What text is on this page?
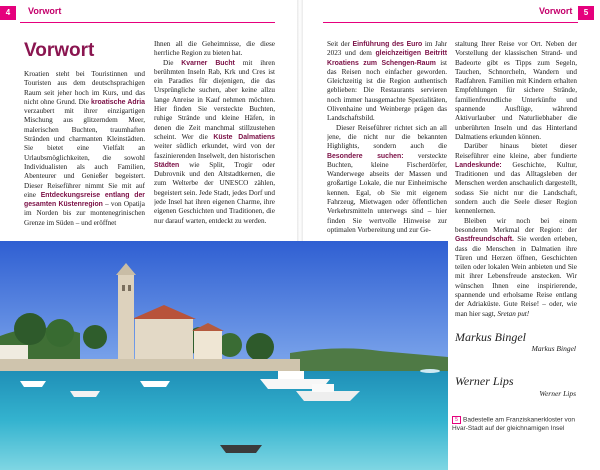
4	Vorwort
Vorwort

Kroatien steht bei Touristinnen und Touristen aus dem deutschsprachigen Raum seit jeher hoch im Kurs, und das nicht ohne Grund. Die kroatische Adria verzaubert mit ihrer einzigartigen Mischung aus glitzerndem Meer, malerischen Buchten, traumhaften Stränden und charmanten Kleinstädten. Sie bietet eine Vielfalt an Urlaubsmöglichkeiten, die sowohl Individualisten als auch Familien, Abenteurer und Genießer begeistert. Dieser Reiseführer nimmt Sie mit auf eine Entdeckungsreise entlang der gesamten Küstenregion – von Opatija im Norden bis zur montenegrinischen Grenze im Süden – und eröffnet

Ihnen all die Geheimnisse, die diese herrliche Region zu bieten hat.

Die Kvarner Bucht mit ihren berühmten Inseln Rab, Krk und Cres ist ein Paradies für diejenigen, die das Ursprüngliche suchen, aber keine allzu lange Anreise in Kauf nehmen möchten. Hier finden Sie versteckte Buchten, ruhige Strände und kleine Häfen, in denen die Zeit manchmal stillzustehen scheint. Wer die Küste Dalmatiens weiter südlich erkundet, wird von der faszinierenden Inselwelt, den historischen Städten wie Split, Trogir oder Dubrovnik und den Altstadtkernen, die zum Welterbe der UNESCO zählen, begeistert sein. Jede Stadt, jedes Dorf und jede Insel hat ihren eigenen Charme, ihre eigenen Geschichten und Traditionen, die nur darauf warten, entdeckt zu werden.

Vorwort	5

Seit der Einführung des Euro im Jahr 2023 und dem gleichzeitigen Beitritt Kroatiens zum Schengen-Raum ist das Reisen noch einfacher geworden. Gleichzeitig ist die Region authentisch geblieben: Die Restaurants servieren noch immer hausgemachte Spezialitäten, Olivenhaine und Weinberge prägen das Landschaftsbild.

Dieser Reiseführer richtet sich an all jene, die nicht nur die bekannten Highlights, sondern auch die Besondere suchen: versteckte Buchten, kleine Fischerdörfer, Wanderwege abseits der Massen und großartige Lokale, die nur Einheimische kennen. Egal, ob Sie mit eigenem Fahrzeug, Mietwagen oder öffentlichen Verkehrsmitteln unterwegs sind – hier finden Sie wertvolle Hinweise zur optimalen Vorbereitung und zur Ge-

staltung Ihrer Reise vor Ort. Neben der Vorstellung der klassischen Strand- und Badeorte gibt es Tipps zum Segeln, Tauchen, Schnorcheln, Wandern und Radfahren. Familien mit Kindern erhalten Empfehlungen für sichere Strände, familienfreundliche Unterkünfte und spannende Ausflüge, während Aktivurlauber und Naturliebhaber die unberührten Inseln und das Hinterland Dalmatiens erkunden können.

Darüber hinaus bietet dieser Reiseführer eine kleine, aber fundierte Landeskunde: Geschichte, Kultur, Traditionen und das Alltagsleben der Menschen werden anschaulich dargestellt, sodass Sie nicht nur die Landschaft, sondern auch die Seele dieser Region kennenlernen.

Bleiben wir noch bei einem besonderen Merkmal der Region: der Gastfreundschaft. Sie werden erleben, dass die Menschen in Dalmatien ihre Türen und Herzen öffnen, Geschichten teilen oder lokalen Wein anbieten und Sie mit ihrer Lebensfreude anstecken. Wir wünschen Ihnen eine inspirierende, spannende und erholsame Reise entlang der Adriaküste. Gute Reise! – oder, wie man hier sagt, Sretan put!

Markus Bingel
Markus Bingel
Werner Lips
Werner Lips
5 Badestelle am Franziskanerkloster von Hvar-Stadt auf der gleichnamigen Insel
